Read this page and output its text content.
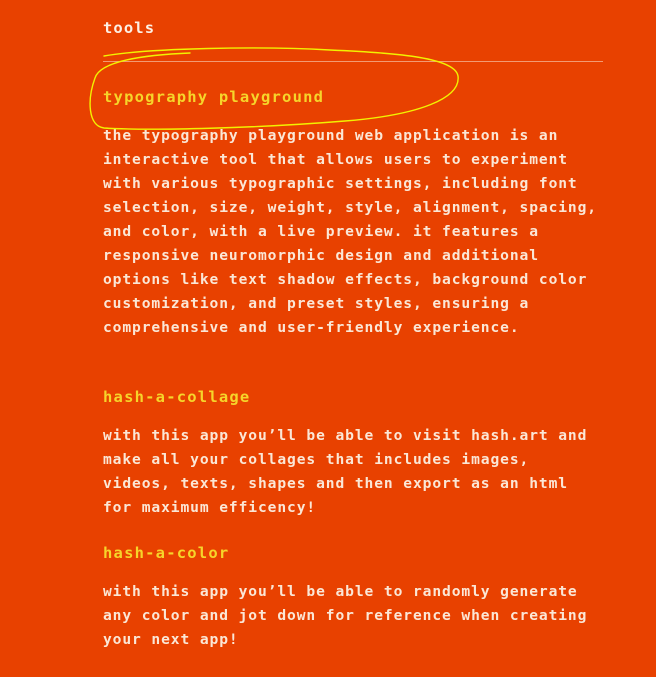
tools
typography playground

the typography playground web application is an interactive tool that allows users to experiment with various typographic settings, including font selection, size, weight, style, alignment, spacing, and color, with a live preview. it features a responsive neuromorphic design and additional options like text shadow effects, background color customization, and preset styles, ensuring a comprehensive and user-friendly experience.

hash-a-collage

with this app you’ll be able to visit hash.art and make all your collages that includes images, videos, texts, shapes and then export as an html for maximum efficency!

hash-a-color

with this app you’ll be able to randomly generate any color and jot down for reference when creating your next app!
